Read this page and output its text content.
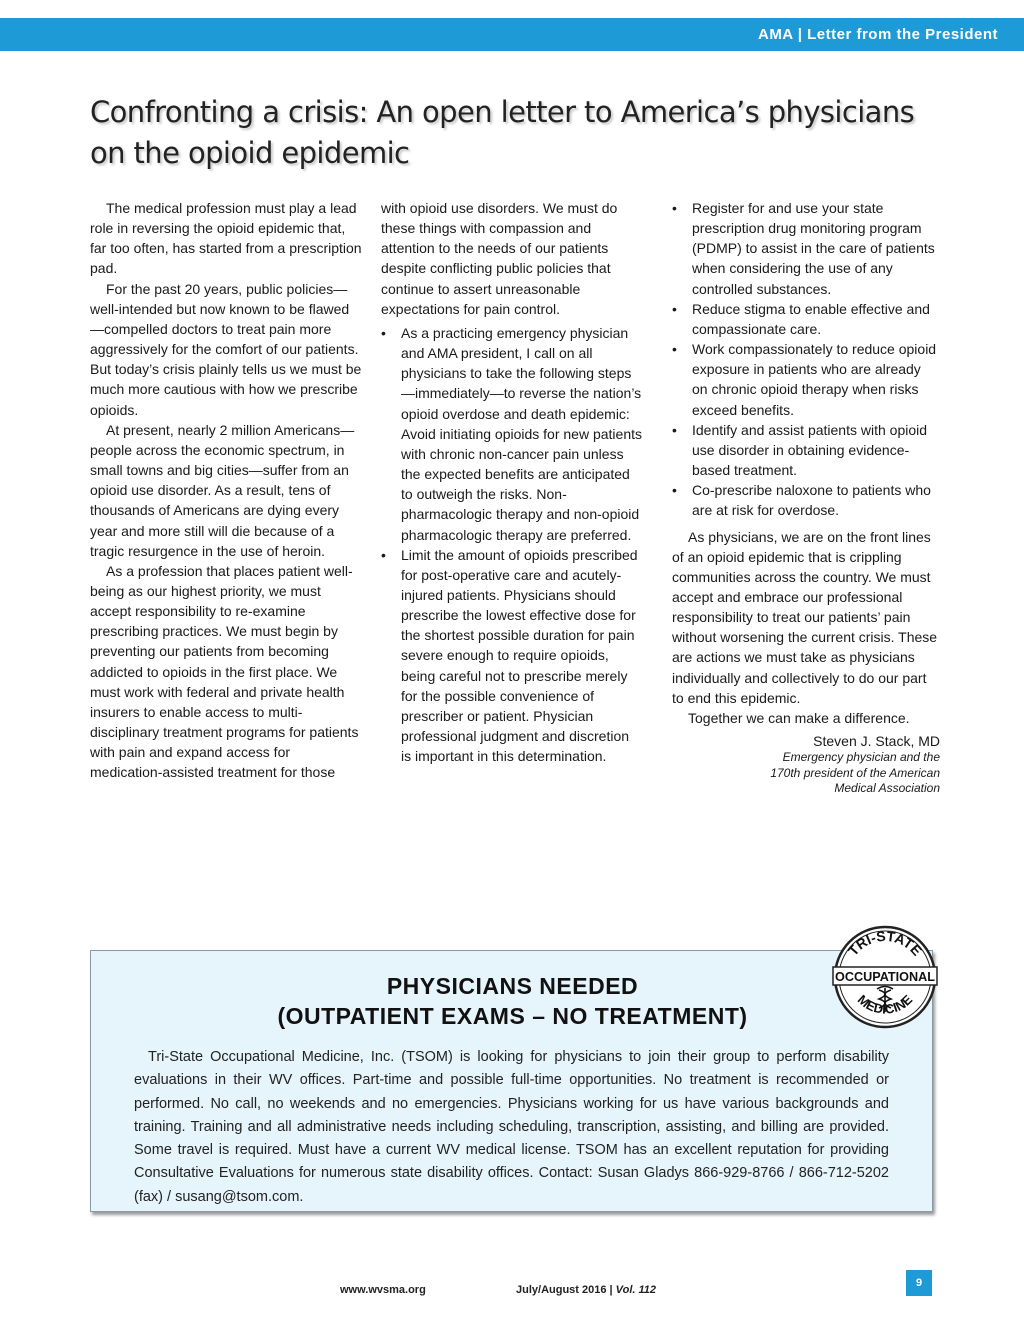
AMA | Letter from the President
Confronting a crisis: An open letter to America’s physicians on the opioid epidemic

The medical profession must play a lead role in reversing the opioid epidemic that, far too often, has started from a prescription pad.

For the past 20 years, public policies—well-intended but now known to be flawed—compelled doctors to treat pain more aggressively for the comfort of our patients. But today’s crisis plainly tells us we must be much more cautious with how we prescribe opioids.

At present, nearly 2 million Americans—people across the economic spectrum, in small towns and big cities—suffer from an opioid use disorder. As a result, tens of thousands of Americans are dying every year and more still will die because of a tragic resurgence in the use of heroin.

As a profession that places patient well-being as our highest priority, we must accept responsibility to re-examine prescribing practices. We must begin by preventing our patients from becoming addicted to opioids in the first place. We must work with federal and private health insurers to enable access to multi-disciplinary treatment programs for patients with pain and expand access for medication-assisted treatment for those

with opioid use disorders. We must do these things with compassion and attention to the needs of our patients despite conflicting public policies that continue to assert unreasonable expectations for pain control.

• As a practicing emergency physician and AMA president, I call on all physicians to take the following steps—immediately—to reverse the nation’s opioid overdose and death epidemic: Avoid initiating opioids for new patients with chronic non-cancer pain unless the expected benefits are anticipated to outweigh the risks. Non-pharmacologic therapy and non-opioid pharmacologic therapy are preferred.
• Limit the amount of opioids prescribed for post-operative care and acutely-injured patients. Physicians should prescribe the lowest effective dose for the shortest possible duration for pain severe enough to require opioids, being careful not to prescribe merely for the possible convenience of prescriber or patient. Physician professional judgment and discretion is important in this determination.
• Register for and use your state prescription drug monitoring program (PDMP) to assist in the care of patients when considering the use of any controlled substances.
• Reduce stigma to enable effective and compassionate care.
• Work compassionately to reduce opioid exposure in patients who are already on chronic opioid therapy when risks exceed benefits.
• Identify and assist patients with opioid use disorder in obtaining evidence-based treatment.
• Co-prescribe naloxone to patients who are at risk for overdose.

As physicians, we are on the front lines of an opioid epidemic that is crippling communities across the country. We must accept and embrace our professional responsibility to treat our patients’ pain without worsening the current crisis. These are actions we must take as physicians individually and collectively to do our part to end this epidemic.

Together we can make a difference.

Steven J. Stack, MD
Emergency physician and the
170th president of the American
Medical Association
PHYSICIANS NEEDED
(OUTPATIENT EXAMS – NO TREATMENT)
Tri-State Occupational Medicine, Inc. (TSOM) is looking for physicians to join their group to perform disability evaluations in their WV offices. Part-time and possible full-time opportunities. No treatment is recommended or performed. No call, no weekends and no emergencies. Physicians working for us have various backgrounds and training. Training and all administrative needs including scheduling, transcription, assisting, and billing are provided. Some travel is required. Must have a current WV medical license. TSOM has an excellent reputation for providing Consultative Evaluations for numerous state disability offices. Contact: Susan Gladys 866-929-8766 / 866-712-5202 (fax) / susang@tsom.com.
TRI-STATE
OCCUPATIONAL
MEDICINE
www.wvsma.org	July/August 2016 | Vol. 112
9
